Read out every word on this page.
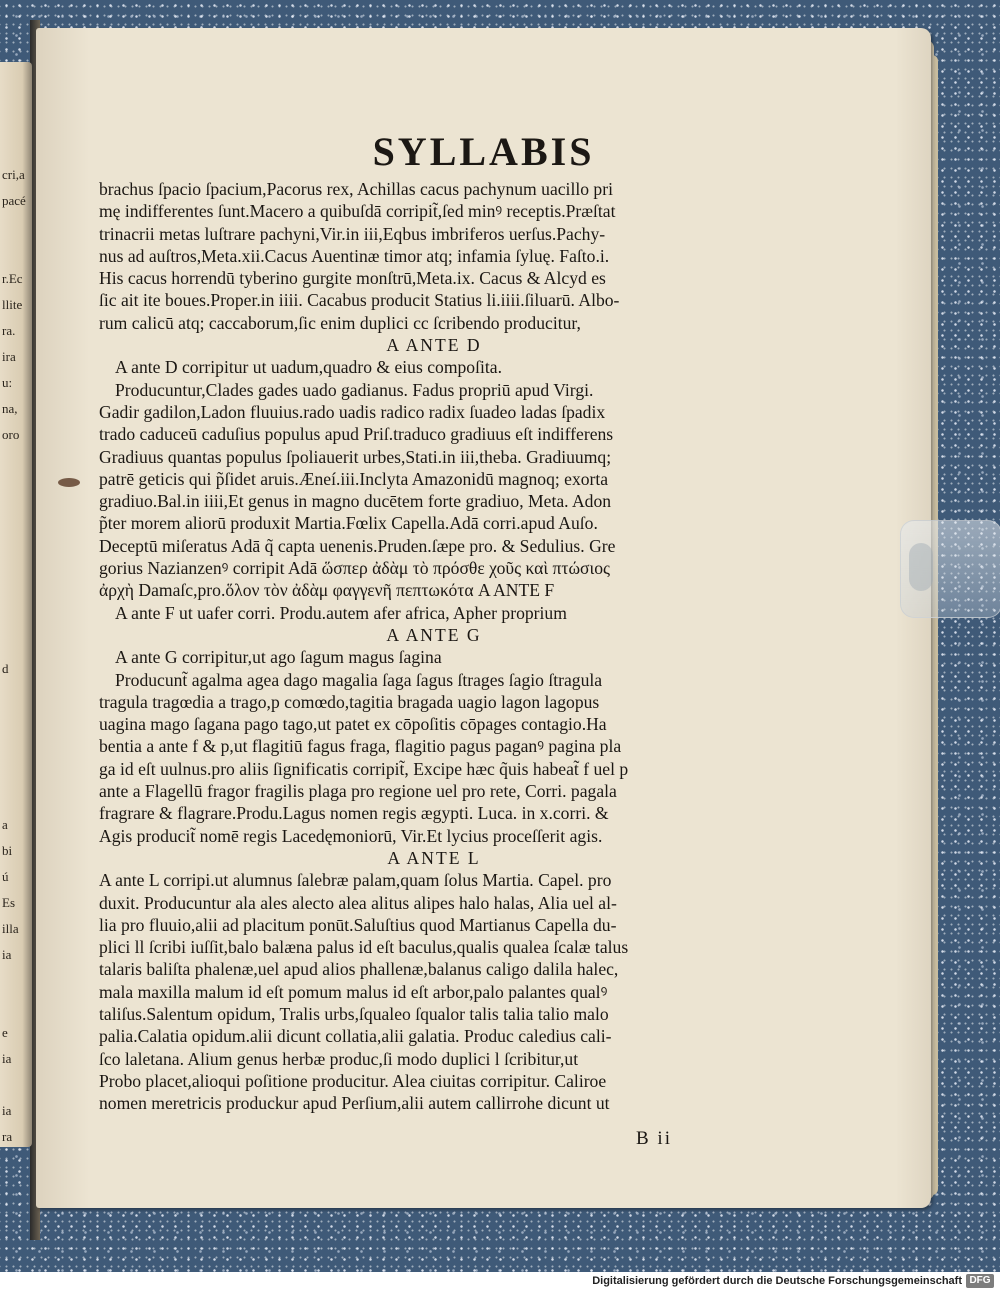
cri,a
pacé
r.Ec
llite
ra.
ira
u:
na,
oro
d
a
bi
ú
Es
illa
ia
e
ia
ia
ra
SYLLABIS
brachus ſpacio ſpacium,Pacorus rex, Achillas cacus pachynum uacillo pri
mę indifferentes ſunt.Macero a quibuſdā corripit̃,ſed minꝰ receptis.Præſtat
trinacrii metas luſtrare pachyni,Vir.in iii,Eqbus imbriferos uerſus.Pachy-
nus ad auſtros,Meta.xii.Cacus Auentinæ timor atq; infamia ſyluę. Faſto.i.
His cacus horrendū tyberino gurgite monſtrū,Meta.ix. Cacus & Alcyd es
ſic ait ite boues.Proper.in iiii. Cacabus producit Statius li.iiii.ſiluarū. Albo-
rum calicū atq; caccaborum,ſic enim duplici cc ſcribendo producitur,
A ANTE D
A ante D corripitur ut uadum,quadro & eius compoſita.
Producuntur,Clades gades uado gadianus. Fadus propriū apud Virgi.
Gadir gadilon,Ladon fluuius.rado uadis radico radix ſuadeo ladas ſpadix
trado caduceū caduſius populus apud Priſ.traduco gradiuus eſt indifferens
Gradiuus quantas populus ſpoliauerit urbes,Stati.in iii,theba. Gradiuumq;
patrē geticis qui p̃ſidet aruis.Æneí.iii.Inclyta Amazonidū magnoq; exorta
gradiuo.Bal.in iiii,Et genus in magno ducētem forte gradiuo, Meta. Adon
p̃ter morem aliorū produxit Martia.Fœlix Capella.Adā corri.apud Auſo.
Deceptū miſeratus Adā q̃ capta uenenis.Pruden.ſæpe pro. & Sedulius. Gre
gorius Nazianzenꝰ corripit Adā ὥσπερ ἀδὰμ τὸ πρόσθε χοῦς καὶ πτώσιος
ἀρχὴ Damaſc,pro.ὅλον τὸν ἀδὰμ φαγγενῆ πεπτωκότα A ANTE F
A ante F ut uafer corri. Produ.autem afer africa, Apher proprium
A ANTE G
A ante G corripitur,ut ago ſagum magus ſagina
Producunt̃ agalma agea dago magalia ſaga ſagus ſtrages ſagio ſtragula
tragula tragœdia a trago,p comœdo,tagitia bragada uagio lagon lagopus
uagina mago ſagana pago tago,ut patet ex cōpoſitis cōpages contagio.Ha
bentia a ante f & p,ut flagitiū fagus fraga, flagitio pagus paganꝰ pagina pla
ga id eſt uulnus.pro aliis ſignificatis corripit̃, Excipe hæc q̃uis habeat̃ f uel p
ante a Flagellū fragor fragilis plaga pro regione uel pro rete, Corri. pagala
fragrare & flagrare.Produ.Lagus nomen regis ægypti. Luca. in x.corri. &
Agis producit̃ nomē regis Lacedęmoniorū, Vir.Et lycius proceſſerit agis.
A ANTE L
A ante L corripi.ut alumnus ſalebræ palam,quam ſolus Martia. Capel. pro
duxit. Producuntur ala ales alecto alea alitus alipes halo halas, Alia uel al-
lia pro fluuio,alii ad placitum ponūt.Saluſtius quod Martianus Capella du-
plici ll ſcribi iuſſit,balo balæna palus id eſt baculus,qualis qualea ſcalæ talus
talaris baliſta phalenæ,uel apud alios phallenæ,balanus caligo dalila halec,
mala maxilla malum id eſt pomum malus id eſt arbor,palo palantes qualꝰ
taliſus.Salentum opidum, Tralis urbs,ſqualeo ſqualor talis talia talio malo
palia.Calatia opidum.alii dicunt collatia,alii galatia. Produc caledius cali-
ſco laletana. Alium genus herbæ produc,ſi modo duplici l ſcribitur,ut
Probo placet,alioqui poſitione producitur. Alea ciuitas corripitur. Caliroe
nomen meretricis produckur apud Perſium,alii autem callirrohe dicunt ut
B ii
Digitalisierung gefördert durch die Deutsche Forschungsgemeinschaft DFG
